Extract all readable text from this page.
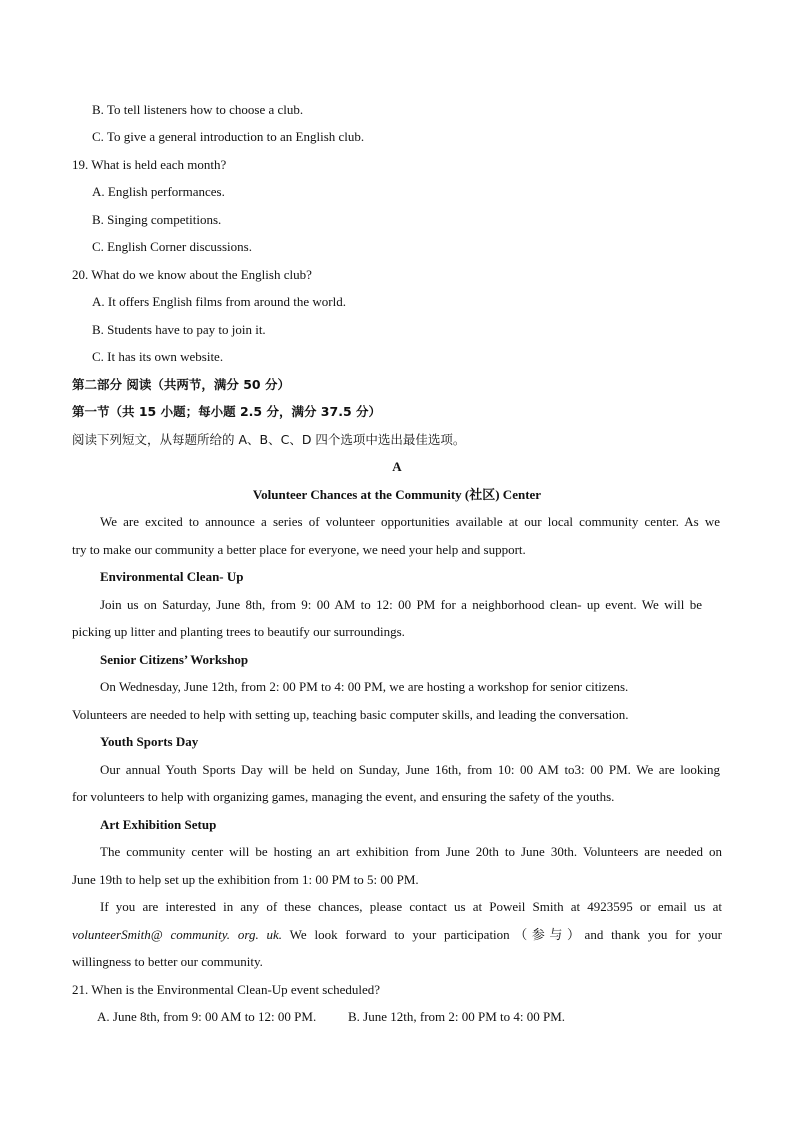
B. To tell listeners how to choose a club.
C. To give a general introduction to an English club.
19. What is held each month?
A. English performances.
B. Singing competitions.
C. English Corner discussions.
20. What do we know about the English club?
A. It offers English films from around the world.
B. Students have to pay to join it.
C. It has its own website.
第二部分 阅读（共两节，满分 50 分）
第一节（共 15 小题；每小题 2.5 分，满分 37.5 分）
阅读下列短文，从每题所给的 A、B、C、D 四个选项中选出最佳选项。
A
Volunteer Chances at the Community (社区) Center
We are excited to announce a series of volunteer opportunities available at our local community center. As we
try to make our community a better place for everyone, we need your help and support.
Environmental Clean- Up
Join us on Saturday, June 8th, from 9: 00 AM to 12: 00 PM for a neighborhood clean- up event. We will be
picking up litter and planting trees to beautify our surroundings.
Senior Citizens’ Workshop
On Wednesday, June 12th, from 2: 00 PM to 4: 00 PM, we are hosting a workshop for senior citizens.
Volunteers are needed to help with setting up, teaching basic computer skills, and leading the conversation.
Youth Sports Day
Our annual Youth Sports Day will be held on Sunday, June 16th, from 10: 00 AM to3: 00 PM. We are looking
for volunteers to help with organizing games, managing the event, and ensuring the safety of the youths.
Art Exhibition Setup
The community center will be hosting an art exhibition from June 20th to June 30th. Volunteers are needed on
June 19th to help set up the exhibition from 1: 00 PM to 5: 00 PM.
If you are interested in any of these chances, please contact us at Poweil Smith at 4923595 or email us at
volunteerSmith@ community. org. uk. We look forward to your participation（参与）and thank you for your
willingness to better our community.
21. When is the Environmental Clean-Up event scheduled?
A. June 8th, from 9: 00 AM to 12: 00 PM. B. June 12th, from 2: 00 PM to 4: 00 PM.
